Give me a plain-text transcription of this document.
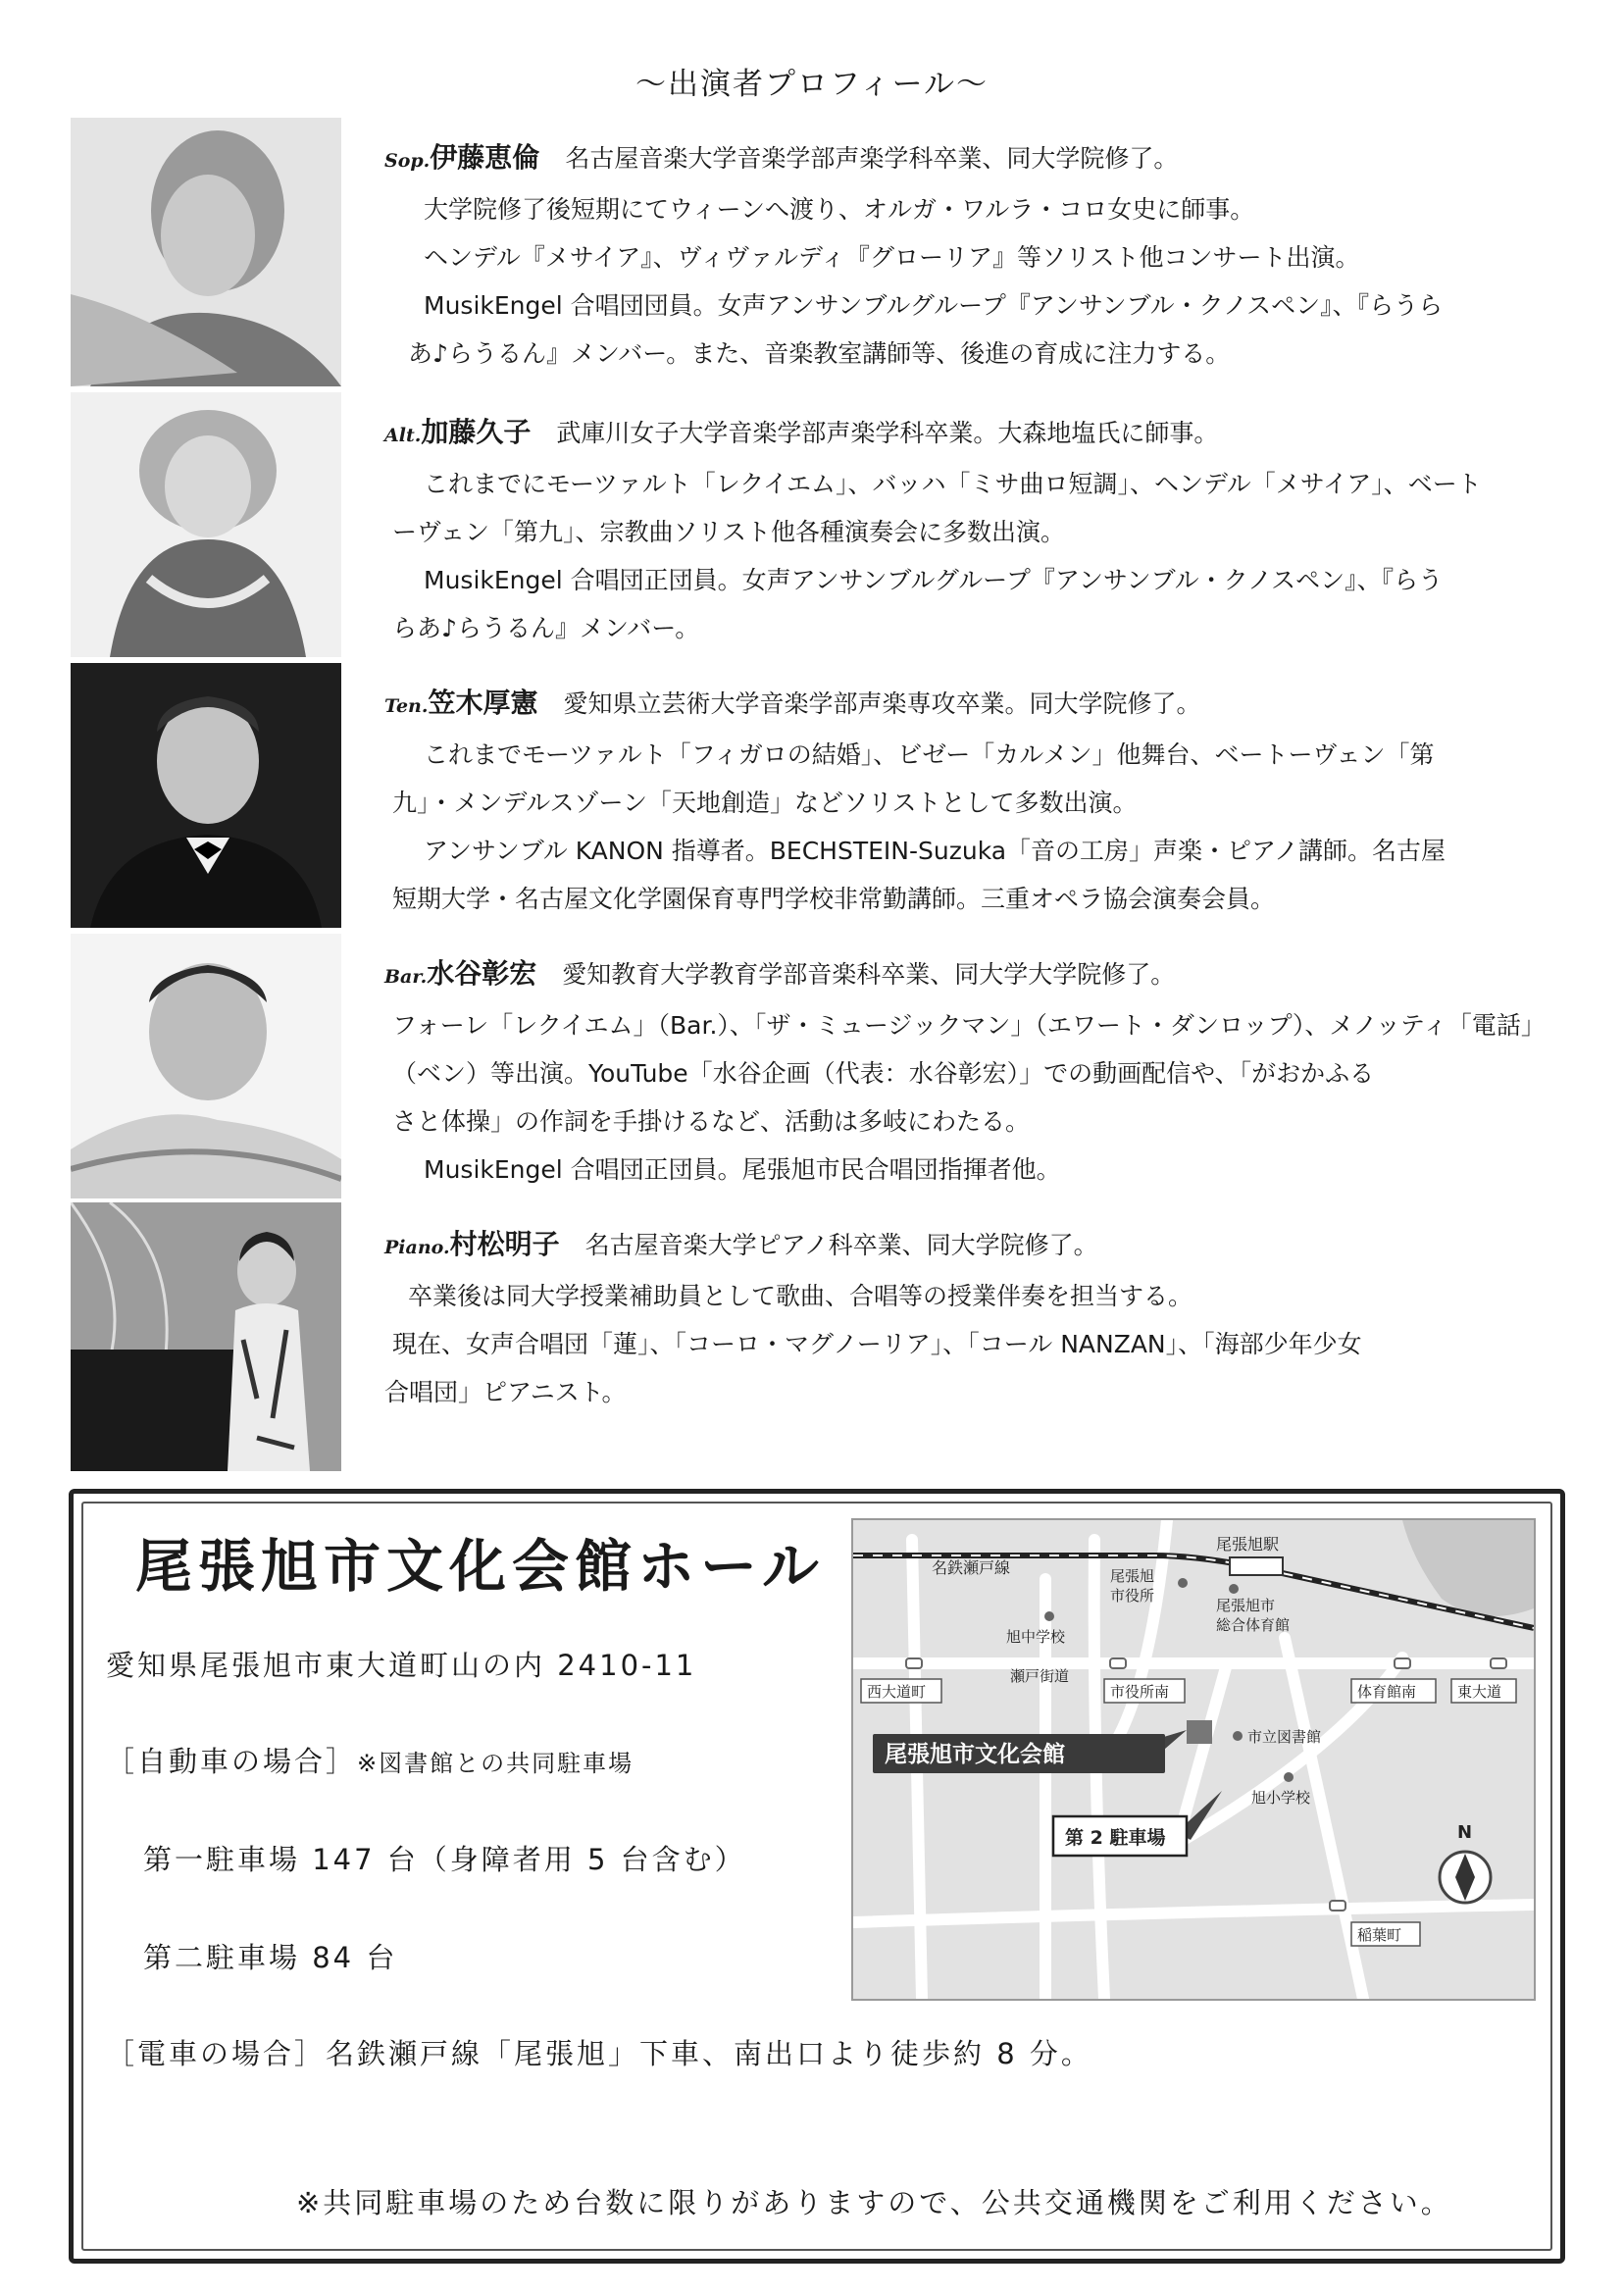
～出演者プロフィール～
Sop.伊藤恵倫 名古屋音楽大学音楽学部声楽学科卒業、同大学院修了。
大学院修了後短期にてウィーンへ渡り、オルガ・ワルラ・コロ女史に師事。
ヘンデル『メサイア』、ヴィヴァルディ『グローリア』等ソリスト他コンサート出演。
MusikEngel 合唱団団員。女声アンサンブルグループ『アンサンブル・クノスペン』、『らうら
あ♪らうるん』メンバー。また、音楽教室講師等、後進の育成に注力する。
Alt.加藤久子 武庫川女子大学音楽学部声楽学科卒業。大森地塩氏に師事。
これまでにモーツァルト「レクイエム」、バッハ「ミサ曲ロ短調」、ヘンデル「メサイア」、ベート
ーヴェン「第九」、宗教曲ソリスト他各種演奏会に多数出演。
MusikEngel 合唱団正団員。女声アンサンブルグループ『アンサンブル・クノスペン』、『らう
らあ♪らうるん』メンバー。
Ten.笠木厚憲 愛知県立芸術大学音楽学部声楽専攻卒業。同大学院修了。
これまでモーツァルト「フィガロの結婚」、ビゼー「カルメン」他舞台、ベートーヴェン「第
九」・メンデルスゾーン「天地創造」などソリストとして多数出演。
アンサンブル KANON 指導者。BECHSTEIN-Suzuka「音の工房」声楽・ピアノ講師。名古屋
短期大学・名古屋文化学園保育専門学校非常勤講師。三重オペラ協会演奏会員。
Bar.水谷彰宏 愛知教育大学教育学部音楽科卒業、同大学大学院修了。
フォーレ「レクイエム」（Bar.）、「ザ・ミュージックマン」（エワート・ダンロップ）、メノッティ「電話」
（ベン）等出演。YouTube「水谷企画（代表：水谷彰宏）」での動画配信や、「がおかふる
さと体操」の作詞を手掛けるなど、活動は多岐にわたる。
MusikEngel 合唱団正団員。尾張旭市民合唱団指揮者他。
Piano.村松明子 名古屋音楽大学ピアノ科卒業、同大学院修了。
卒業後は同大学授業補助員として歌曲、合唱等の授業伴奏を担当する。
現在、女声合唱団「蓮」、「コーロ・マグノーリア」、「コール NANZAN」、「海部少年少女
合唱団」ピアニスト。
尾張旭市文化会館ホール
愛知県尾張旭市東大道町山の内 2410-11
［自動車の場合］※図書館との共同駐車場
第一駐車場 147 台（身障者用 5 台含む）
第二駐車場 84 台
［電車の場合］名鉄瀬戸線「尾張旭」下車、南出口より徒歩約 8 分。
※共同駐車場のため台数に限りがありますので、公共交通機関をご利用ください。
名鉄瀬戸線
尾張旭駅
尾張旭
市役所
尾張旭市
総合体育館
旭中学校
瀬戸街道
西大道町	市役所南	体育館南	東大道
尾張旭市文化会館
市立図書館
旭小学校
第 2 駐車場
稲葉町
N
